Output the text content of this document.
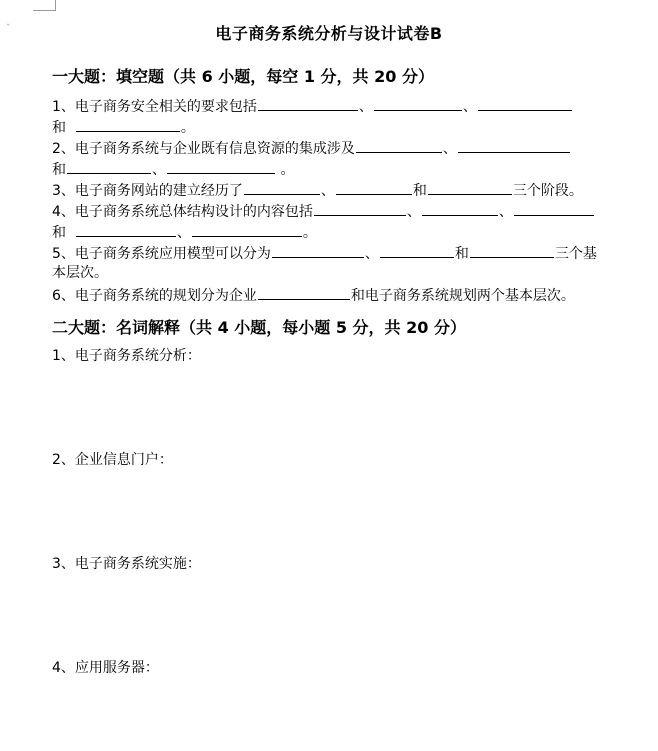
ˇ	电子商务系统分析与设计试卷B
一大题：填空题（共 6 小题，每空 1 分，共 20 分）
1、电子商务安全相关的要求包括	、	、
和	。
2、电子商务系统与企业既有信息资源的集成涉及	、
和	、	。
3、电子商务网站的建立经历了	、	和	三个阶段。
4、电子商务系统总体结构设计的内容包括	、	、
和	、	。
5、电子商务系统应用模型可以分为	、	和	三个基
本层次。
6、电子商务系统的规划分为企业	和电子商务系统规划两个基本层次。
二大题：名词解释（共 4 小题，每小题 5 分，共 20 分）
1、电子商务系统分析：
2、企业信息门户：
3、电子商务系统实施：
4、应用服务器：
